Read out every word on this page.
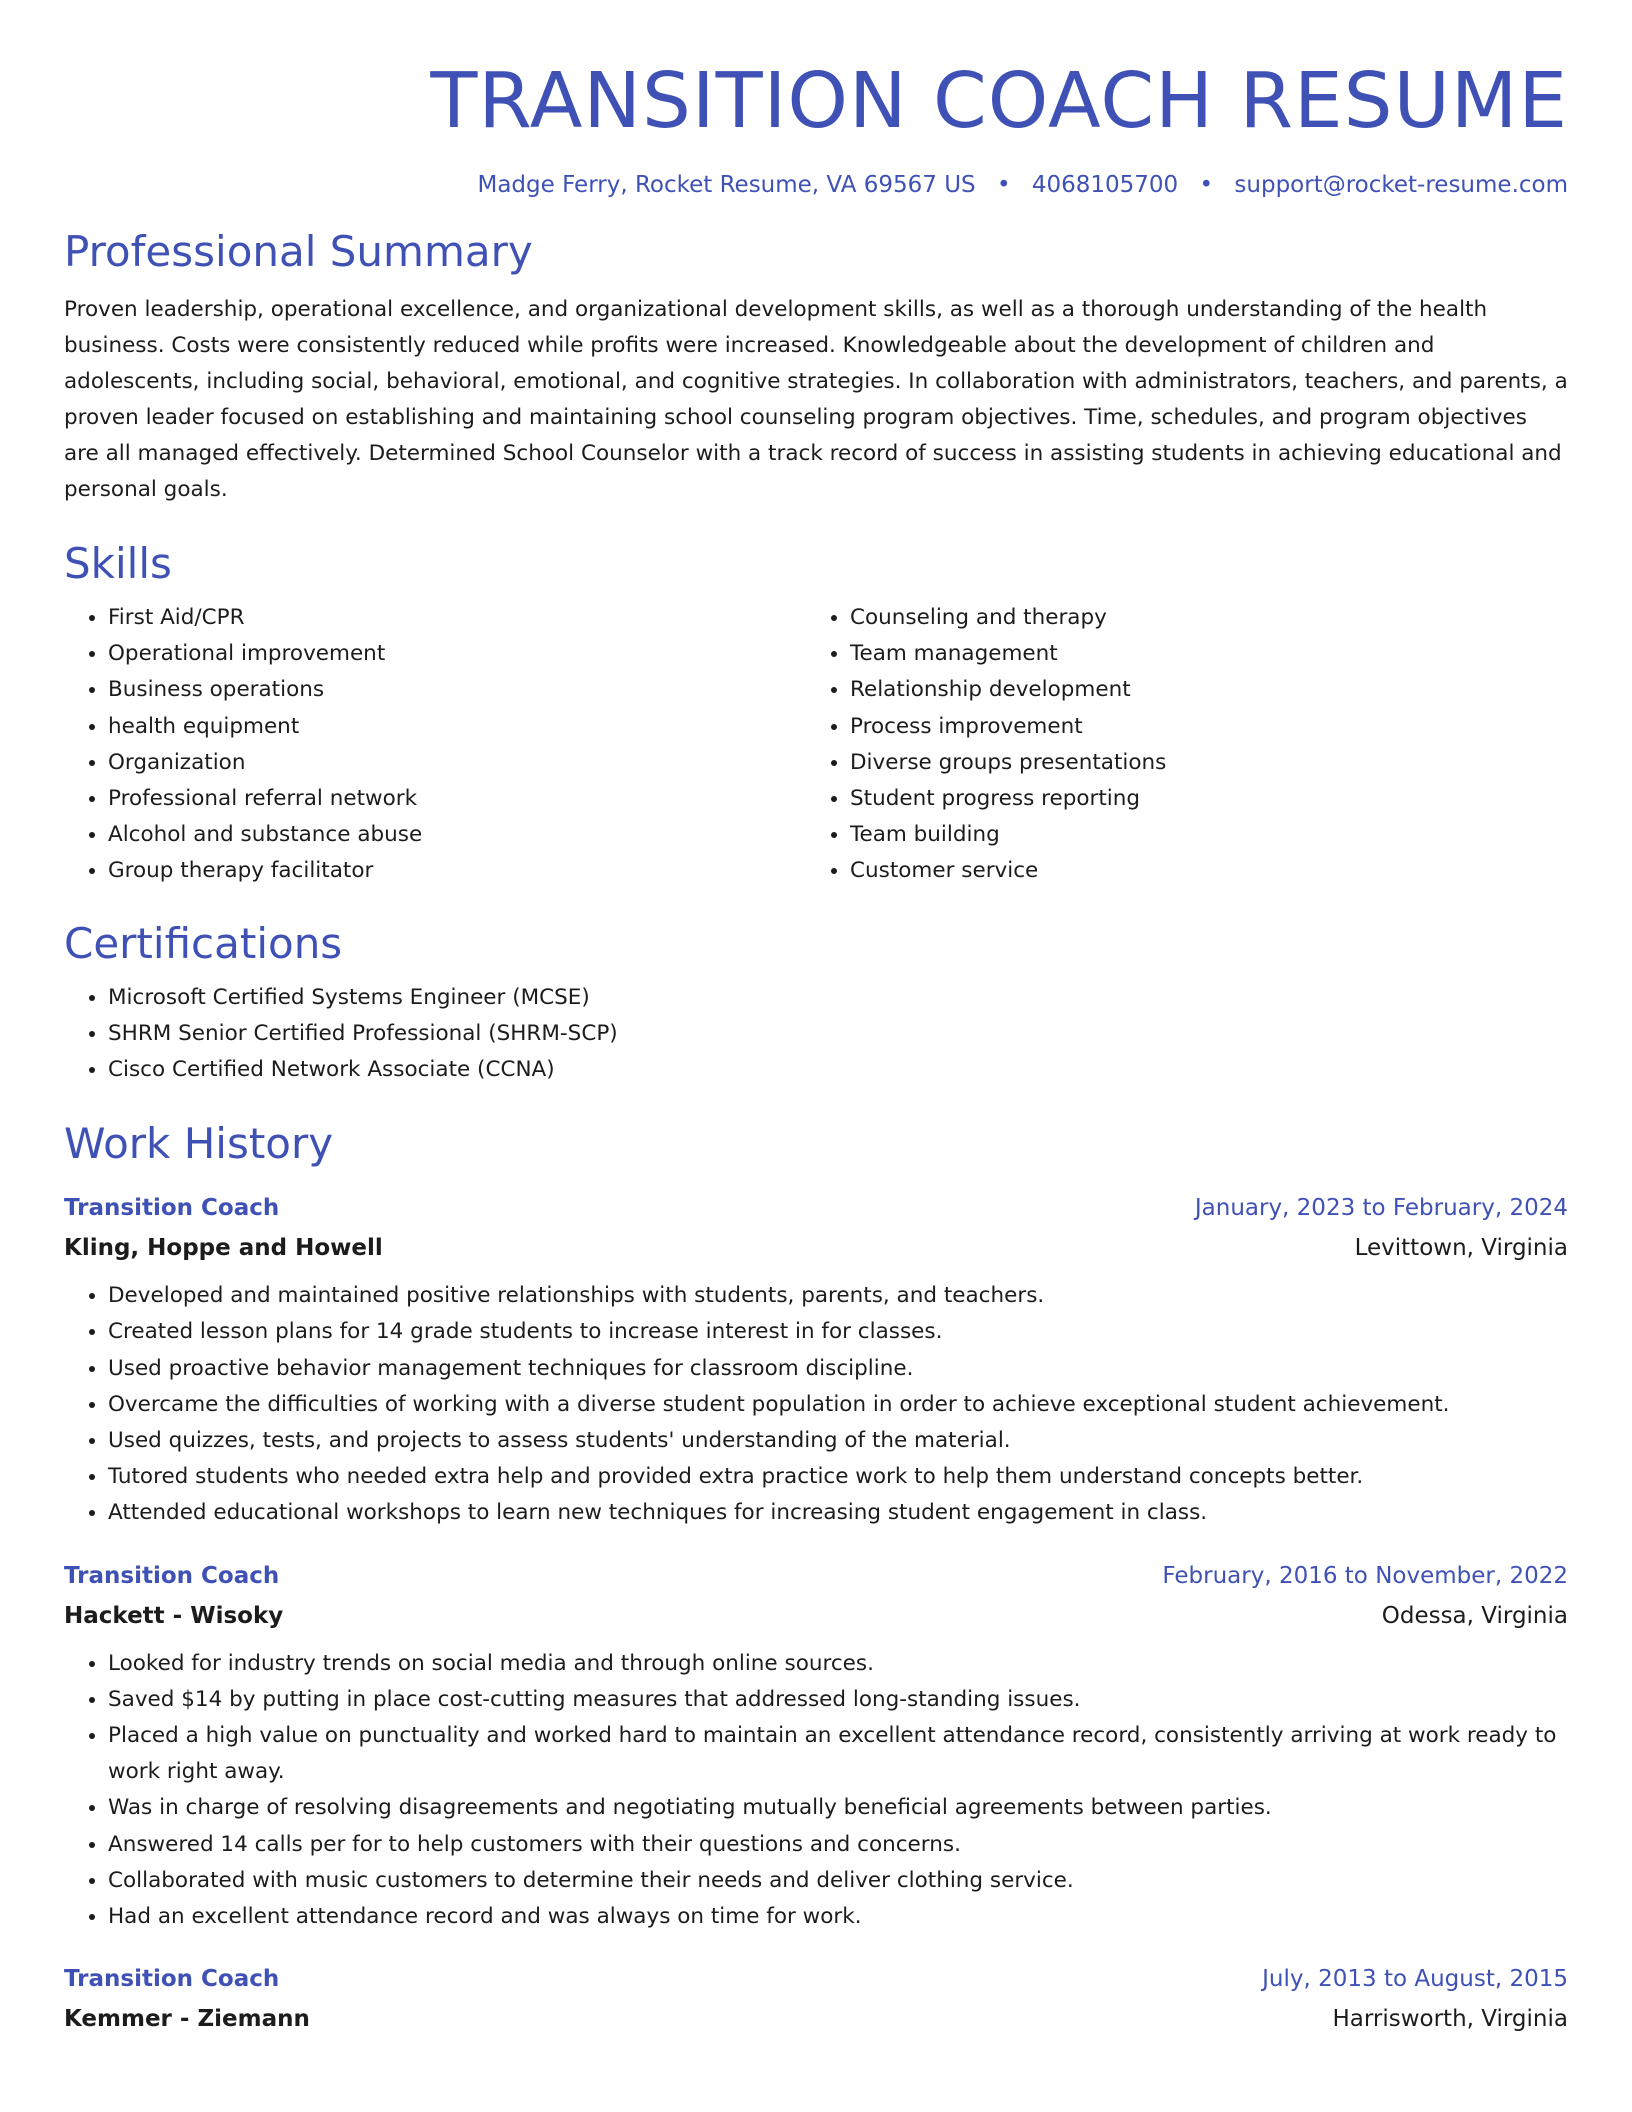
TRANSITION COACH RESUME
Madge Ferry, Rocket Resume, VA 69567 US • 4068105700 • support@rocket-resume.com
Professional Summary

Proven leadership, operational excellence, and organizational development skills, as well as a thorough understanding of the health business. Costs were consistently reduced while profits were increased. Knowledgeable about the development of children and adolescents, including social, behavioral, emotional, and cognitive strategies. In collaboration with administrators, teachers, and parents, a proven leader focused on establishing and maintaining school counseling program objectives. Time, schedules, and program objectives are all managed effectively. Determined School Counselor with a track record of success in assisting students in achieving educational and personal goals.

Skills
• First Aid/CPR
• Operational improvement
• Business operations
• health equipment
• Organization
• Professional referral network
• Alcohol and substance abuse
• Group therapy facilitator
• Counseling and therapy
• Team management
• Relationship development
• Process improvement
• Diverse groups presentations
• Student progress reporting
• Team building
• Customer service
Certifications
• Microsoft Certified Systems Engineer (MCSE)
• SHRM Senior Certified Professional (SHRM-SCP)
• Cisco Certified Network Associate (CCNA)
Work History
Transition Coach	January, 2023 to February, 2024
Kling, Hoppe and Howell	Levittown, Virginia
• Developed and maintained positive relationships with students, parents, and teachers.
• Created lesson plans for 14 grade students to increase interest in for classes.
• Used proactive behavior management techniques for classroom discipline.
• Overcame the difficulties of working with a diverse student population in order to achieve exceptional student achievement.
• Used quizzes, tests, and projects to assess students' understanding of the material.
• Tutored students who needed extra help and provided extra practice work to help them understand concepts better.
• Attended educational workshops to learn new techniques for increasing student engagement in class.
Transition Coach	February, 2016 to November, 2022
Hackett - Wisoky	Odessa, Virginia
• Looked for industry trends on social media and through online sources.
• Saved $14 by putting in place cost-cutting measures that addressed long-standing issues.
• Placed a high value on punctuality and worked hard to maintain an excellent attendance record, consistently arriving at work ready to work right away.
• Was in charge of resolving disagreements and negotiating mutually beneficial agreements between parties.
• Answered 14 calls per for to help customers with their questions and concerns.
• Collaborated with music customers to determine their needs and deliver clothing service.
• Had an excellent attendance record and was always on time for work.
Transition Coach	July, 2013 to August, 2015
Kemmer - Ziemann	Harrisworth, Virginia
